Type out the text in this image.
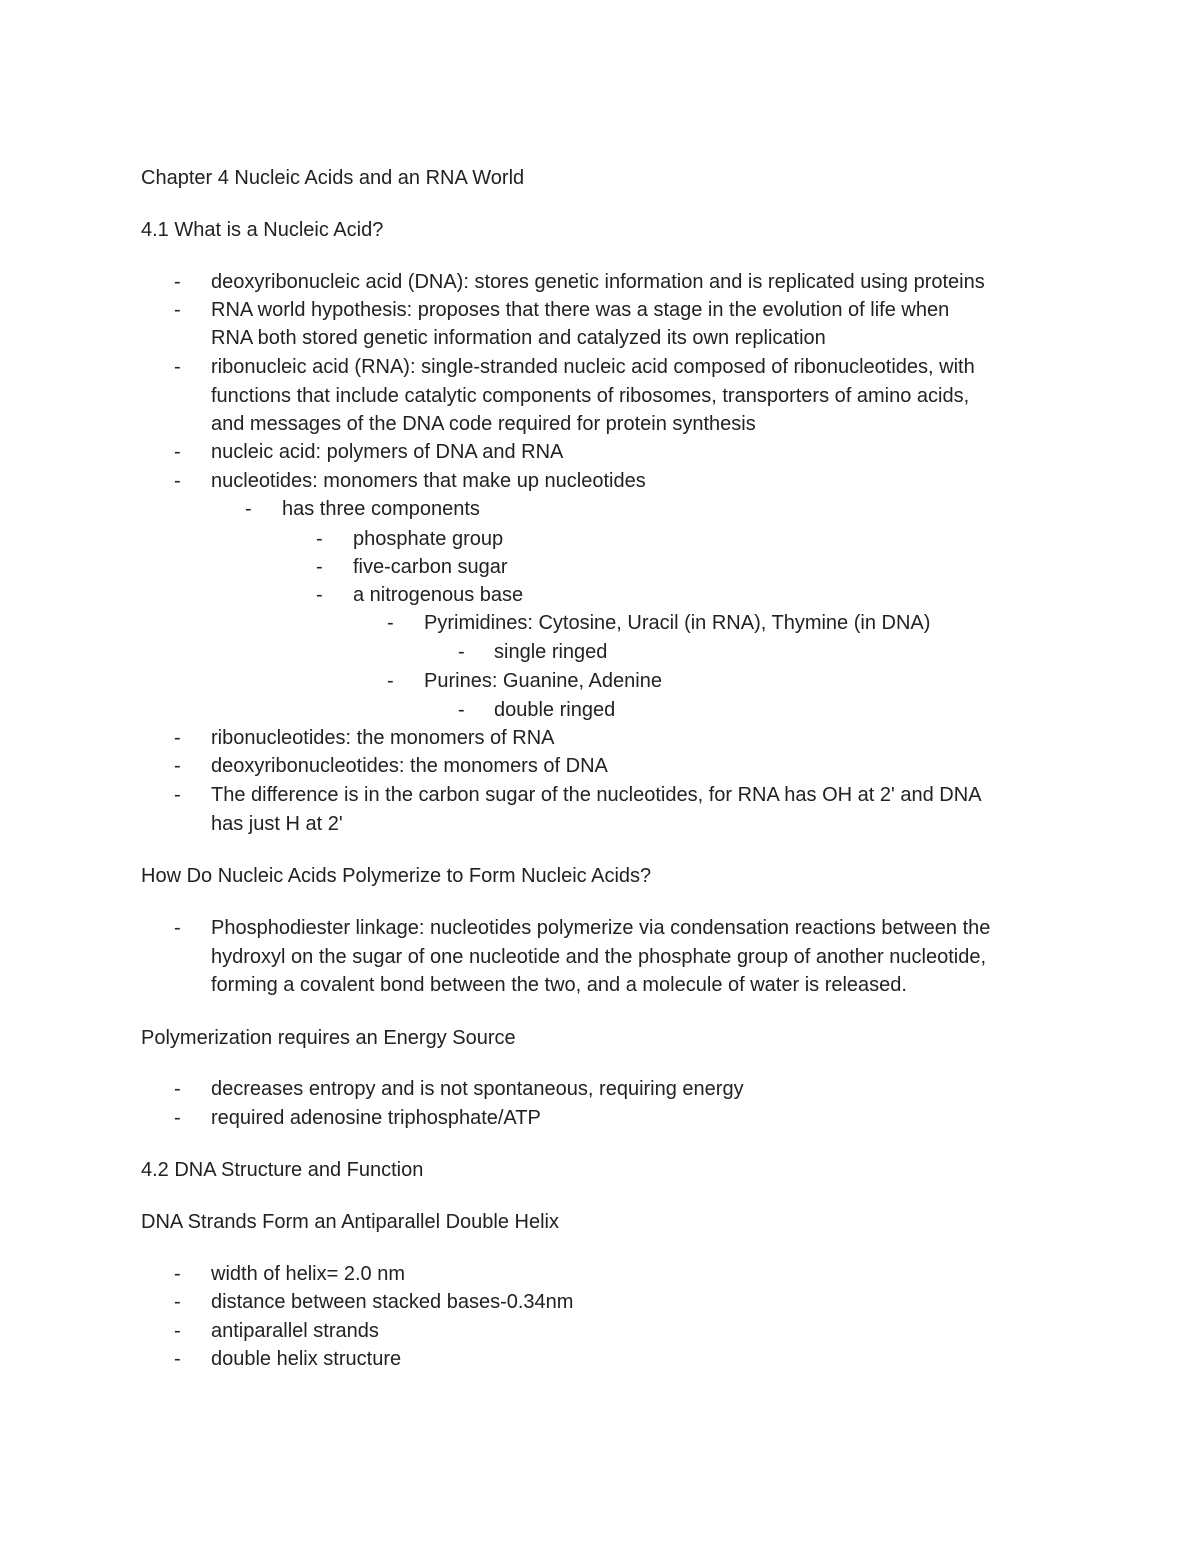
Chapter 4 Nucleic Acids and an RNA World
4.1 What is a Nucleic Acid?
- deoxyribonucleic acid (DNA): stores genetic information and is replicated using proteins
- RNA world hypothesis: proposes that there was a stage in the evolution of life when
RNA both stored genetic information and catalyzed its own replication
- ribonucleic acid (RNA): single-stranded nucleic acid composed of ribonucleotides, with
functions that include catalytic components of ribosomes, transporters of amino acids,
and messages of the DNA code required for protein synthesis
- nucleic acid: polymers of DNA and RNA
- nucleotides: monomers that make up nucleotides
- has three components
- phosphate group
- five-carbon sugar
- a nitrogenous base
- Pyrimidines: Cytosine, Uracil (in RNA), Thymine (in DNA)
- single ringed
- Purines: Guanine, Adenine
- double ringed
- ribonucleotides: the monomers of RNA
- deoxyribonucleotides: the monomers of DNA
- The difference is in the carbon sugar of the nucleotides, for RNA has OH at 2' and DNA
has just H at 2'
How Do Nucleic Acids Polymerize to Form Nucleic Acids?
- Phosphodiester linkage: nucleotides polymerize via condensation reactions between the
hydroxyl on the sugar of one nucleotide and the phosphate group of another nucleotide,
forming a covalent bond between the two, and a molecule of water is released.
Polymerization requires an Energy Source
- decreases entropy and is not spontaneous, requiring energy
- required adenosine triphosphate/ATP
4.2 DNA Structure and Function
DNA Strands Form an Antiparallel Double Helix
- width of helix= 2.0 nm
- distance between stacked bases-0.34nm
- antiparallel strands
- double helix structure
